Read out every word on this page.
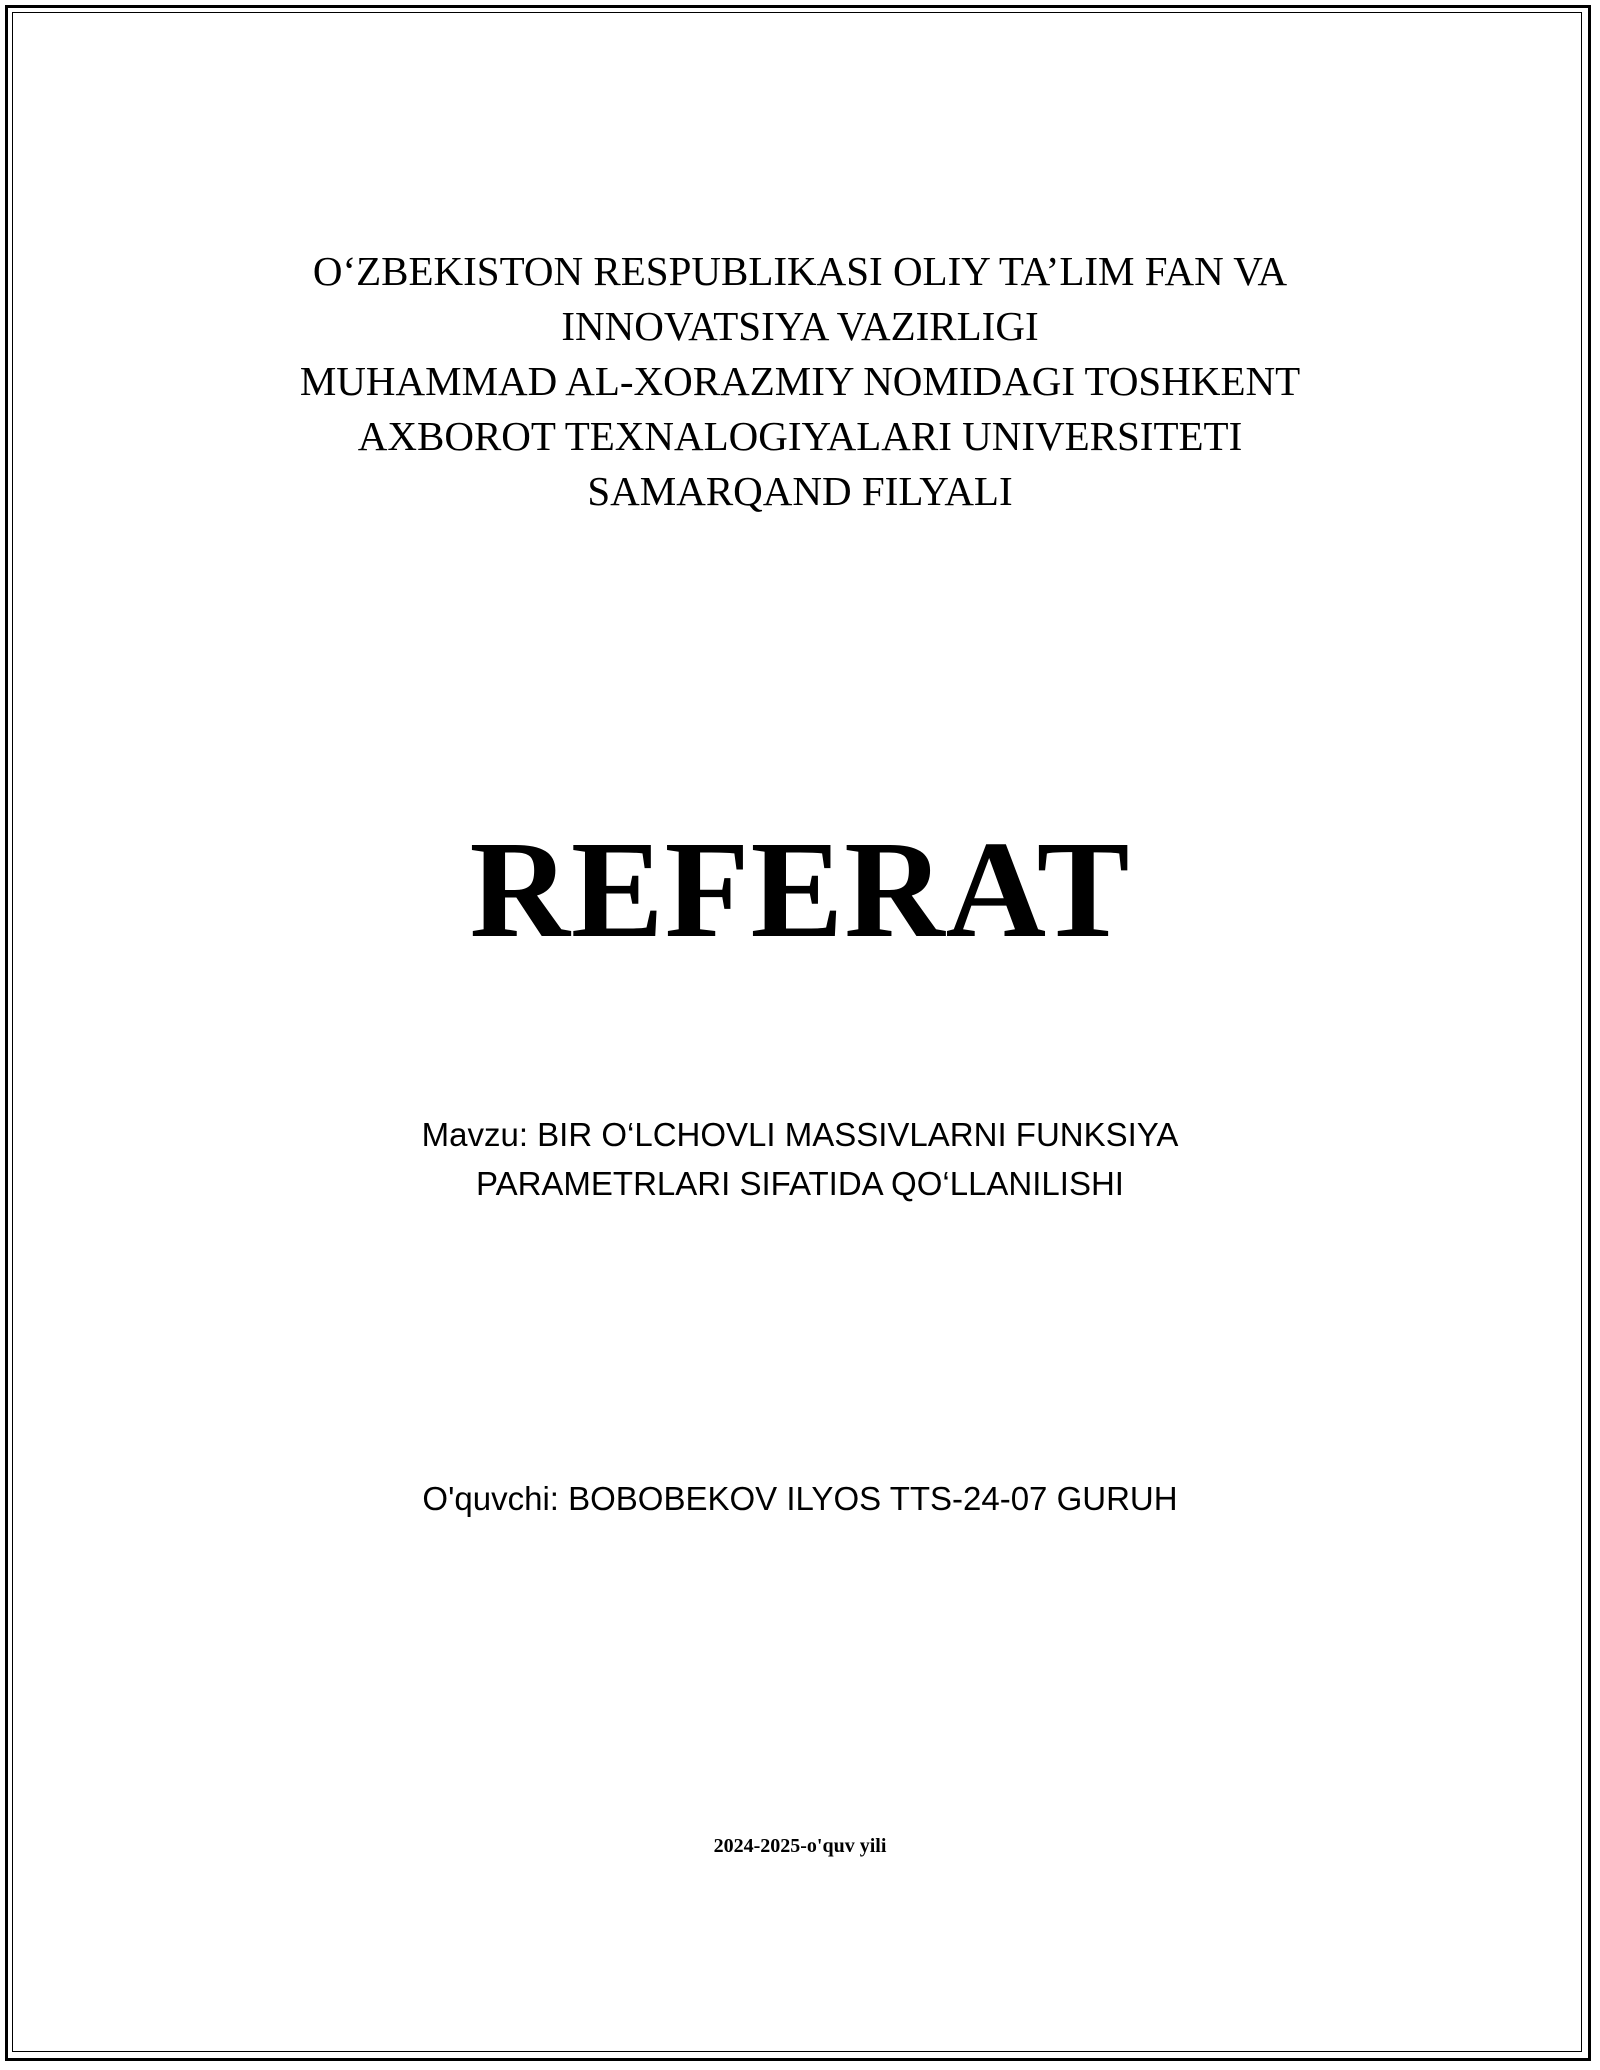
O‘ZBEKISTON RESPUBLIKASI OLIY TA’LIM FAN VA
INNOVATSIYA VAZIRLIGI
MUHAMMAD AL-XORAZMIY NOMIDAGI TOSHKENT
AXBOROT TEXNALOGIYALARI UNIVERSITETI
SAMARQAND FILYALI
REFERAT
Mavzu: BIR O‘LCHOVLI MASSIVLARNI FUNKSIYA
PARAMETRLARI SIFATIDA QO‘LLANILISHI
O'quvchi: BOBOBEKOV ILYOS TTS-24-07 GURUH
2024-2025-o'quv yili
